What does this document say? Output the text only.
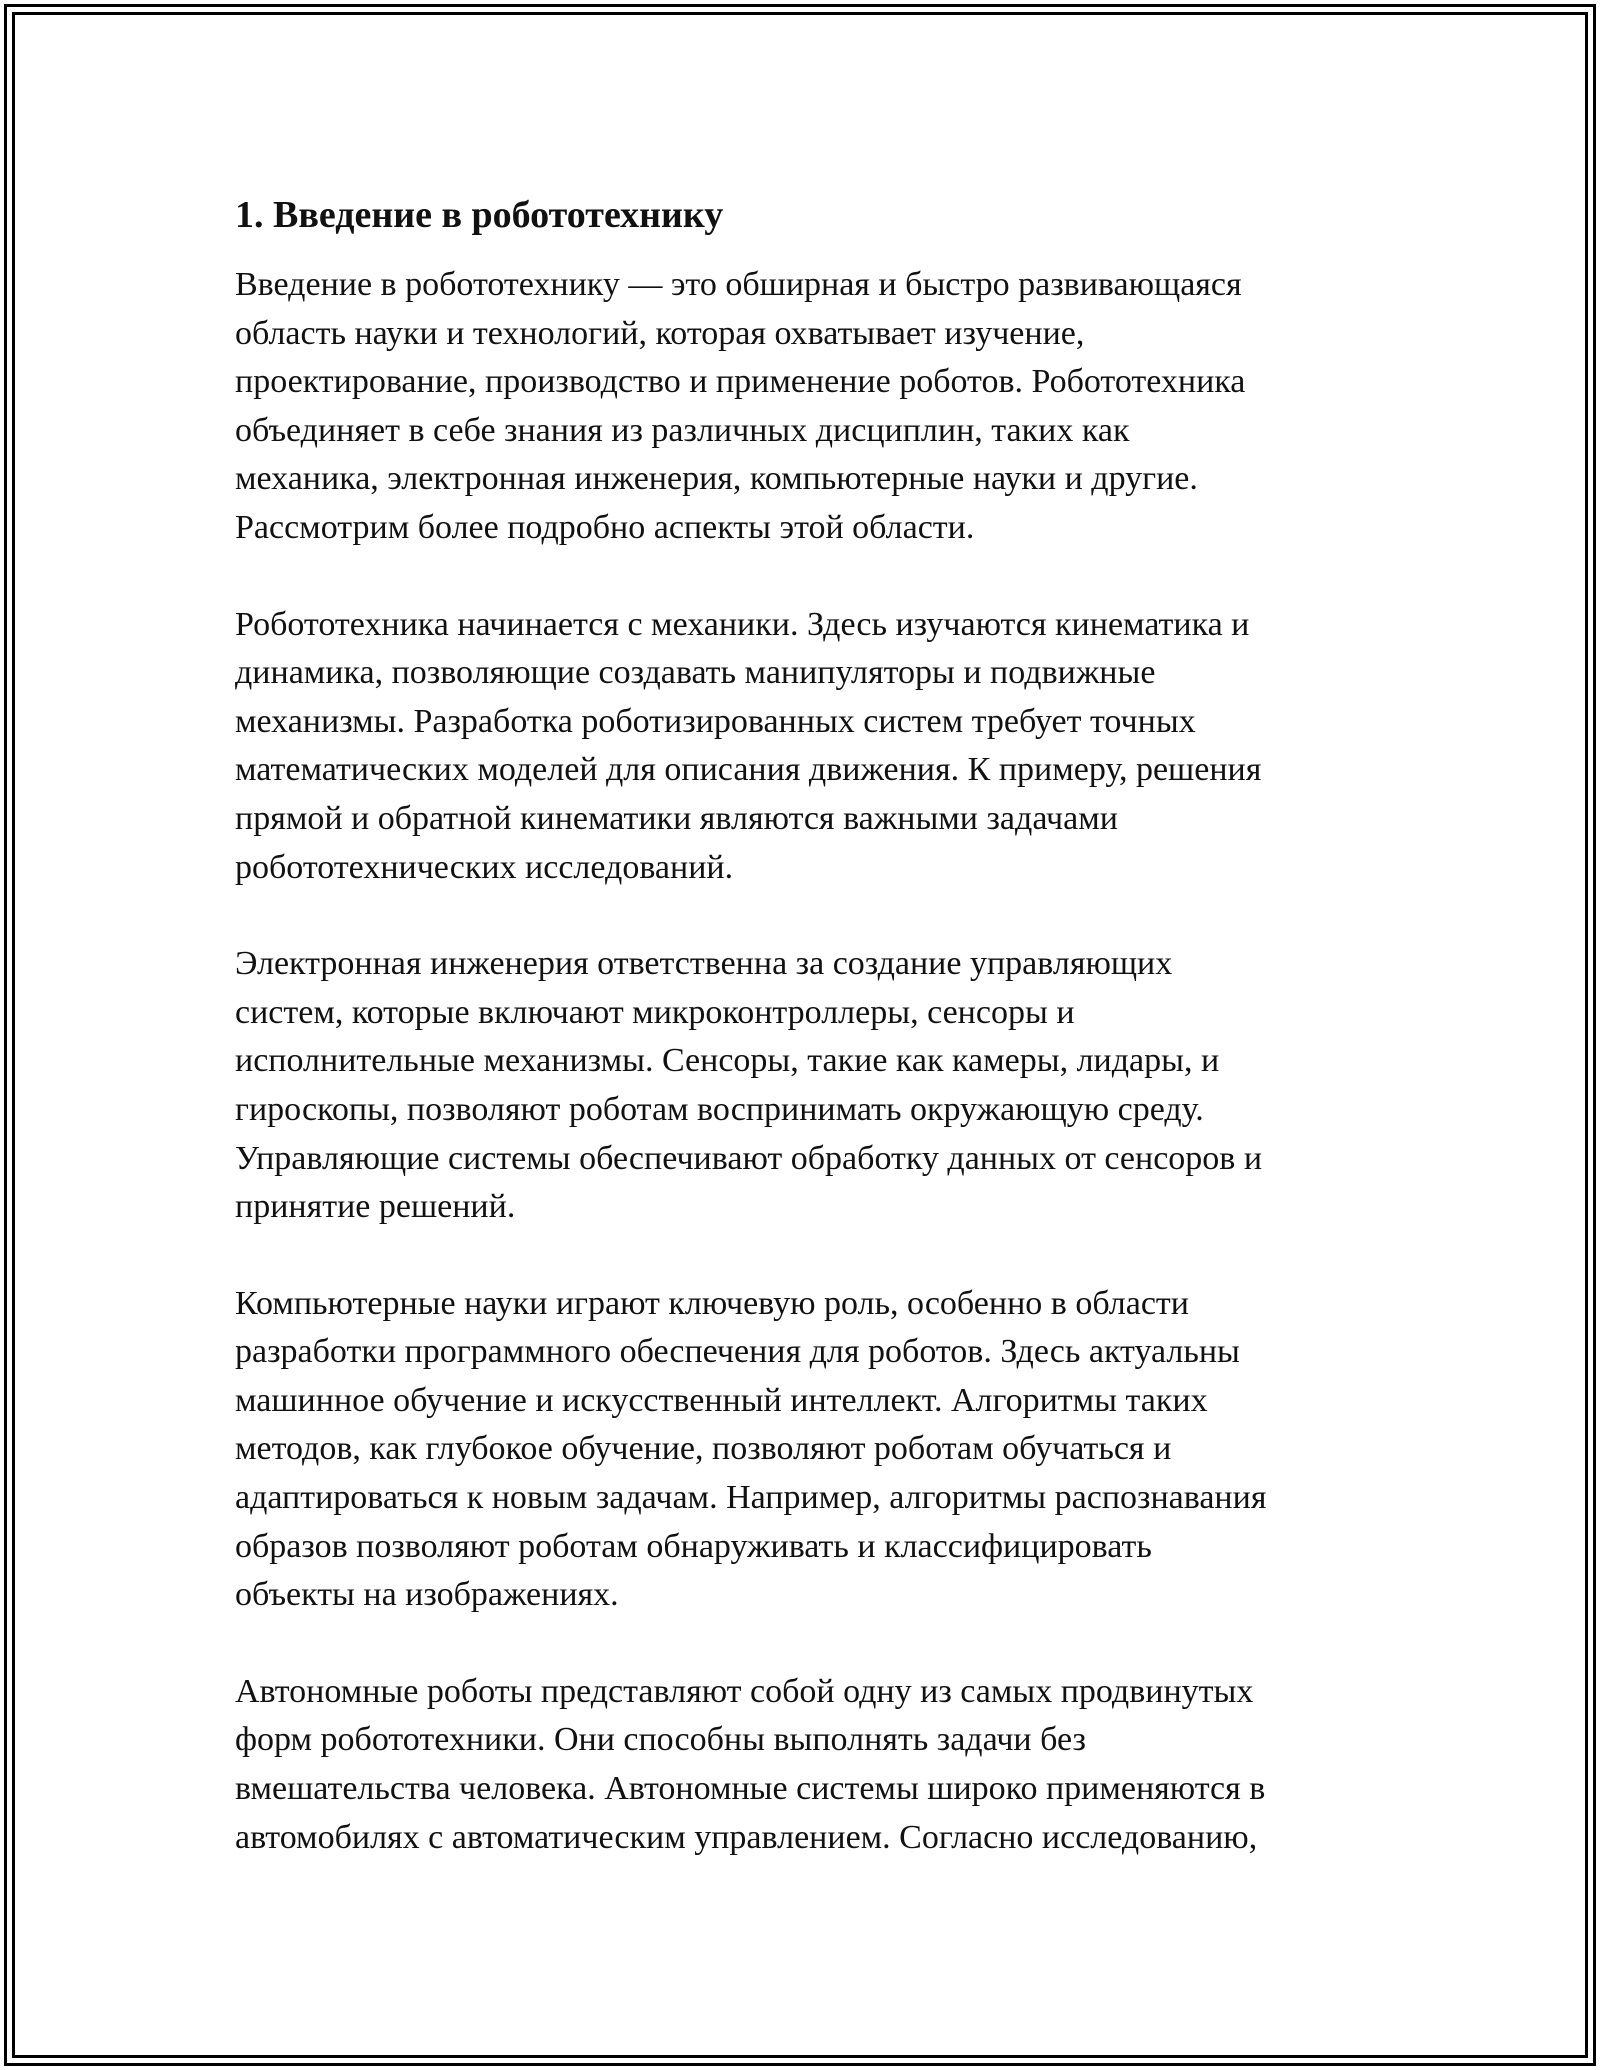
1. Введение в робототехнику

Введение в робототехнику — это обширная и быстро развивающаяся
область науки и технологий, которая охватывает изучение,
проектирование, производство и применение роботов. Робототехника
объединяет в себе знания из различных дисциплин, таких как
механика, электронная инженерия, компьютерные науки и другие.
Рассмотрим более подробно аспекты этой области.

Робототехника начинается с механики. Здесь изучаются кинематика и
динамика, позволяющие создавать манипуляторы и подвижные
механизмы. Разработка роботизированных систем требует точных
математических моделей для описания движения. К примеру, решения
прямой и обратной кинематики являются важными задачами
робототехнических исследований.

Электронная инженерия ответственна за создание управляющих
систем, которые включают микроконтроллеры, сенсоры и
исполнительные механизмы. Сенсоры, такие как камеры, лидары, и
гироскопы, позволяют роботам воспринимать окружающую среду.
Управляющие системы обеспечивают обработку данных от сенсоров и
принятие решений.

Компьютерные науки играют ключевую роль, особенно в области
разработки программного обеспечения для роботов. Здесь актуальны
машинное обучение и искусственный интеллект. Алгоритмы таких
методов, как глубокое обучение, позволяют роботам обучаться и
адаптироваться к новым задачам. Например, алгоритмы распознавания
образов позволяют роботам обнаруживать и классифицировать
объекты на изображениях.

Автономные роботы представляют собой одну из самых продвинутых
форм робототехники. Они способны выполнять задачи без
вмешательства человека. Автономные системы широко применяются в
автомобилях с автоматическим управлением. Согласно исследованию,
